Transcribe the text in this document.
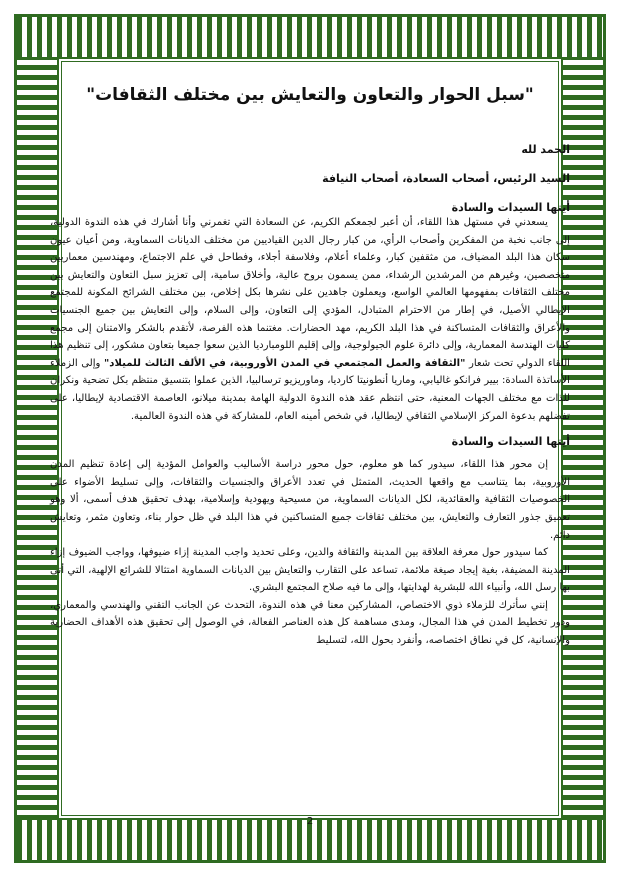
"سبل الحوار والتعاون والتعايش بين مختلف الثقافات"

الحمد لله

السيد الرئيس، أصحاب السعادة، أصحاب النيافة

أيتها السيدات والسادة

يسعدني في مستهل هذا اللقاء، أن أعبر لجمعكم الكريم، عن السعادة التي تغمرني وأنا أشارك في هذه الندوة الدولية، إلى جانب نخبة من المفكرين وأصحاب الرأي، من كبار رجال الدين القياديين من مختلف الديانات السماوية، ومن أعيان عيون سكان هذا البلد المضياف، من مثقفين كبار، وعلماء أعلام، وفلاسفة أجلاء، وفطاحل في علم الاجتماع، ومهندسين معماريين متخصصين، وغيرهم من المرشدين الرشداء، ممن يسمون بروح عالية، وأخلاق سامية، إلى تعزيز سبل التعاون والتعايش بين مختلف الثقافات بمفهومها العالمي الواسع، ويعملون جاهدين على نشرها بكل إخلاص، بين مختلف الشرائح المكونة للمجتمع الإيطالي الأصيل، في إطار من الاحترام المتبادل، المؤدي إلى التعاون، وإلى السلام، وإلى التعايش بين جميع الجنسيات والأعراق والثقافات المتساكنة في هذا البلد الكريم، مهد الحضارات. مغتنما هذه الفرصة، لأتقدم بالشكر والامتنان إلى مجمع كليات الهندسة المعمارية، وإلى دائرة علوم الجيولوجية، وإلى إقليم اللومبارديا الذين سعوا جميعا بتعاون مشكور، إلى تنظيم هذا اللقاء الدولي تحت شعار "الثقافة والعمل المجتمعي في المدن الأوروبية، في الألف الثالث للميلاد" وإلى الزملاء الأساتذة السادة: بيير فرانكو غاليابي، وماريا أنطونيتا كارديا، وماوريزيو ترسالبيا، الذين عملوا بتنسيق منتظم بكل تضحية ونكران للذات مع مختلف الجهات المعنية، حتى انتظم عقد هذه الندوة الدولية الهامة بمدينة ميلانو، العاصمة الاقتصادية لإيطاليا، على تفضلهم بدعوة المركز الإسلامي الثقافي لإيطاليا، في شخص أمينه العام، للمشاركة في هذه الندوة العالمية.

أيتها السيدات والسادة

إن محور هذا اللقاء، سيدور كما هو معلوم، حول محور دراسة الأساليب والعوامل المؤدية إلى إعادة تنظيم المدن الأوروبية، بما يتناسب مع واقعها الحديث، المتمثل في تعدد الأعراق والجنسيات والثقافات، وإلى تسليط الأضواء على الخصوصيات الثقافية والعقائدية، لكل الديانات السماوية، من مسيحية ويهودية وإسلامية، بهدف تحقيق هدف أسمى، ألا وهو تعميق جذور التعارف والتعايش، بين مختلف ثقافات جميع المتساكنين في هذا البلد في ظل حوار بناء، وتعاون مثمر، وتعايش دائم.

كما سيدور حول معرفة العلاقة بين المدينة والثقافة والدين، وعلى تحديد واجب المدينة إزاء ضيوفها، وواجب الضيوف إزاء المدينة المضيفة، بغية إيجاد صيغة ملائمة، تساعد على التقارب والتعايش بين الديانات السماوية امتثالا للشرائع الإلهية، التي أتى بها رسل الله، وأنبياء الله للبشرية لهدايتها، وإلى ما فيه صلاح المجتمع البشري.

إنني سأترك للزملاء ذوي الاختصاص، المشاركين معنا في هذه الندوة، التحدث عن الجانب التقني والهندسي والمعماري، ودور تخطيط المدن في هذا المجال، ومدى مساهمة كل هذه العناصر الفعالة، في الوصول إلى تحقيق هذه الأهداف الحضارية والإنسانية، كل في نطاق اختصاصه، وأنفرد بحول الله، لتسليط

2
